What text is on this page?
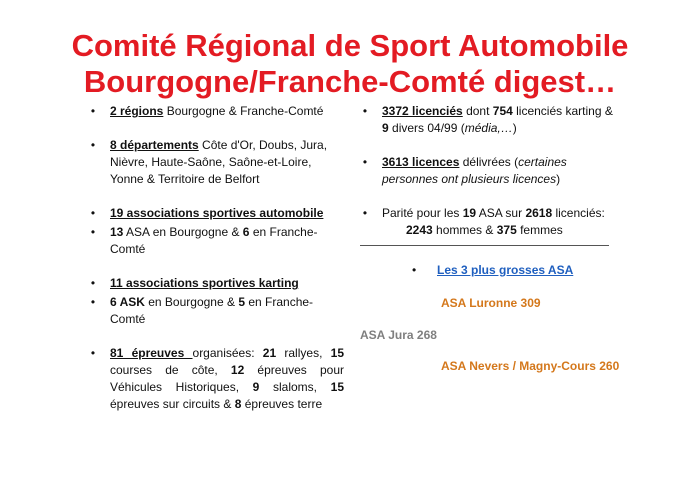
Comité Régional de Sport Automobile
Bourgogne/Franche-Comté digest…
• 2 régions Bourgogne & Franche-Comté
• 8 départements Côte d'Or, Doubs, Jura, Nièvre, Haute-Saône, Saône-et-Loire, Yonne & Territoire de Belfort
• 19 associations sportives automobile
• 13 ASA en Bourgogne & 6 en Franche-Comté
• 11 associations sportives karting
• 6 ASK en Bourgogne & 5 en Franche-Comté
• 81 épreuves organisées: 21 rallyes, 15 courses de côte, 12 épreuves pour Véhicules Historiques, 9 slaloms, 15 épreuves sur circuits & 8 épreuves terre
• 3372 licenciés dont 754 licenciés karting & 9 divers 04/99 (média,…)
• 3613 licences délivrées (certaines personnes ont plusieurs licences)
• Parité pour les 19 ASA sur 2618 licenciés:
2243 hommes & 375 femmes
• Les 3 plus grosses ASA
ASA Luronne 309
ASA Jura 268
ASA Nevers / Magny-Cours 260
